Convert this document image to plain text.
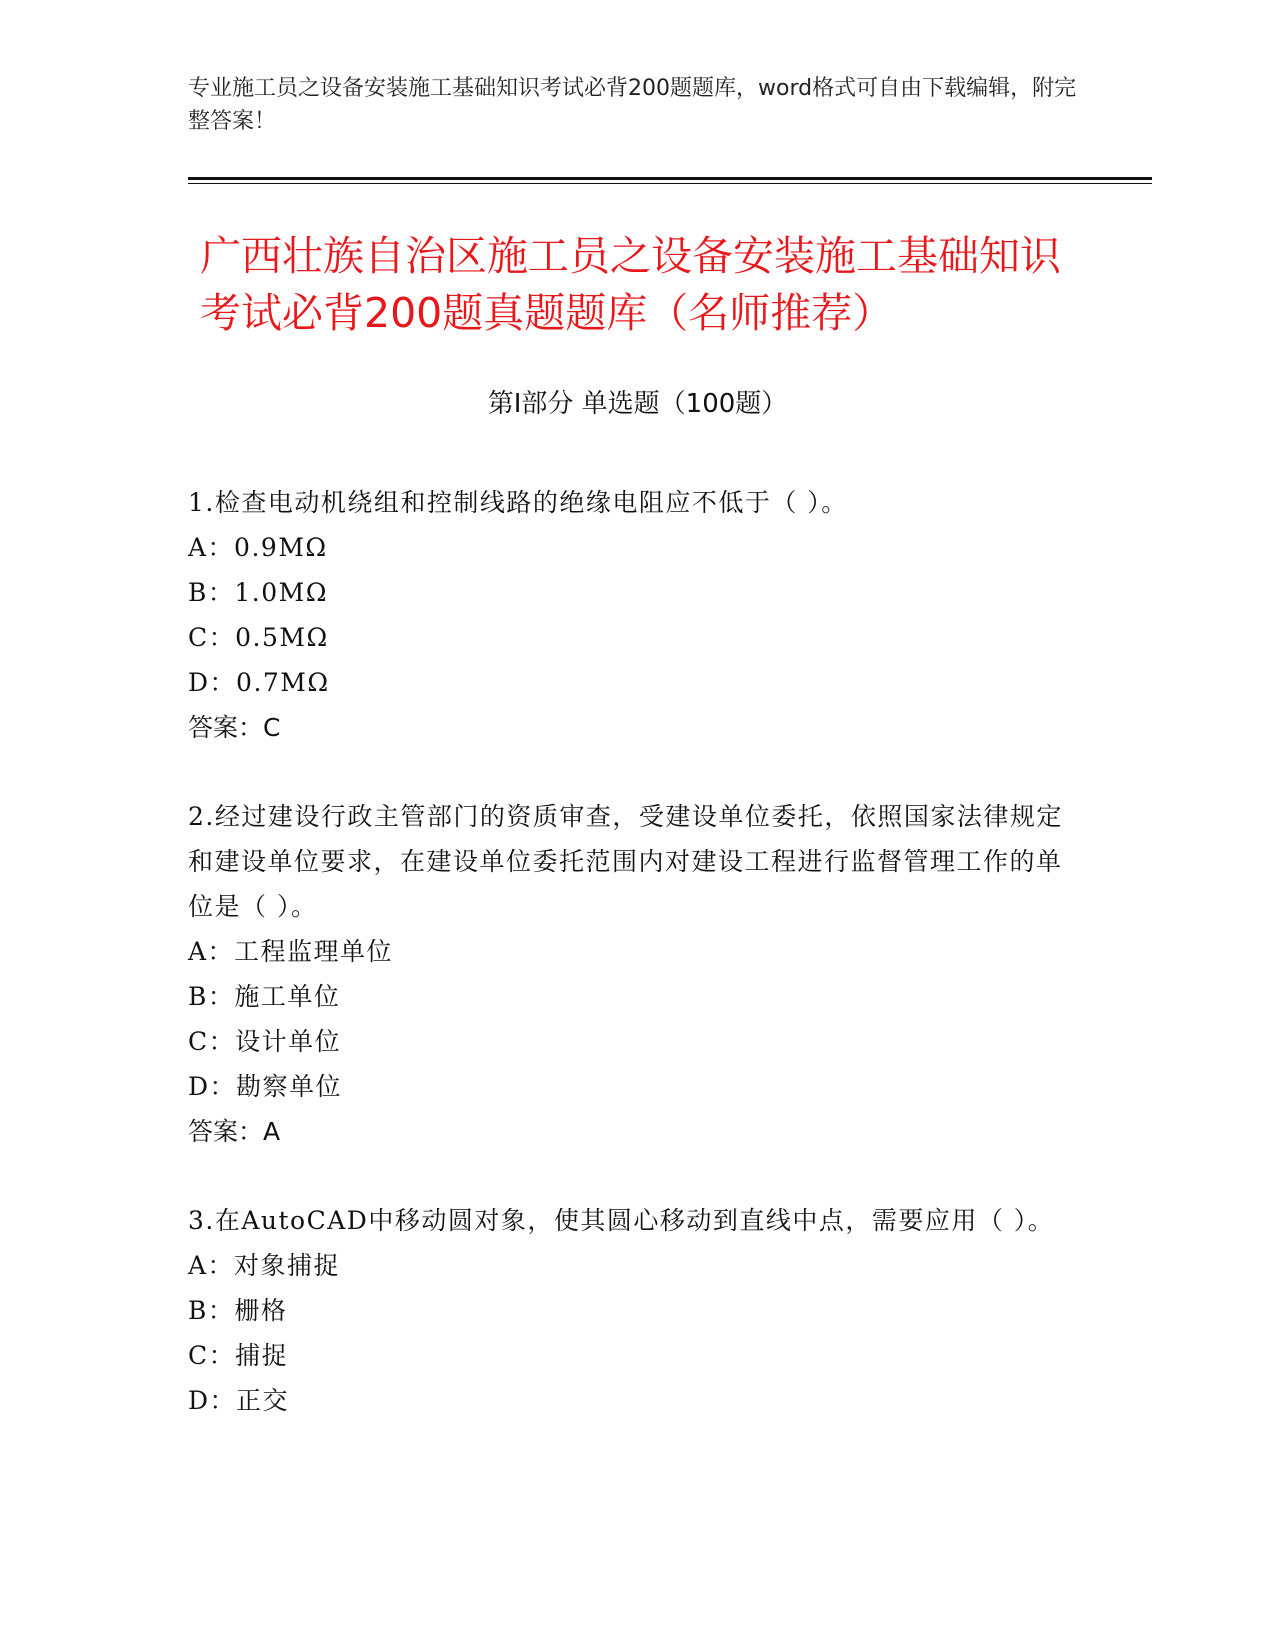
专业施工员之设备安装施工基础知识考试必背200题题库，word格式可自由下载编辑，附完整答案！
广西壮族自治区施工员之设备安装施工基础知识考试必背200题真题题库（名师推荐）
第Ⅰ部分 单选题（100题）
1.检查电动机绕组和控制线路的绝缘电阻应不低于（ ）。
A：0.9MΩ
B：1.0MΩ
C：0.5MΩ
D：0.7MΩ
答案：C
2.经过建设行政主管部门的资质审查，受建设单位委托，依照国家法律规定和建设单位要求，在建设单位委托范围内对建设工程进行监督管理工作的单位是（ ）。
A：工程监理单位
B：施工单位
C：设计单位
D：勘察单位
答案：A
3.在AutoCAD中移动圆对象，使其圆心移动到直线中点，需要应用（ ）。
A：对象捕捉
B：栅格
C：捕捉
D：正交
